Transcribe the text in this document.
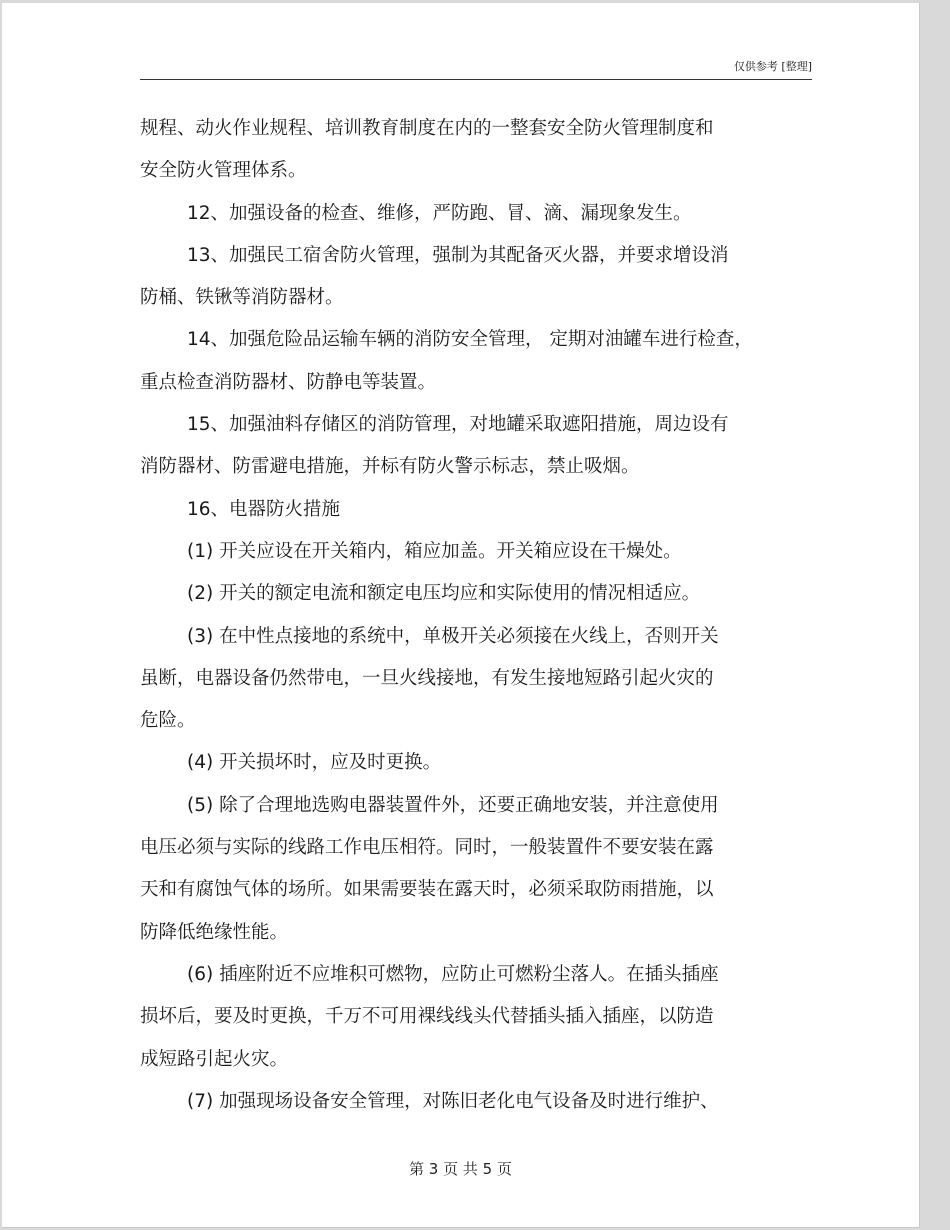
仅供参考 [整理]

规程、动火作业规程、培训教育制度在内的一整套安全防火管理制度和

安全防火管理体系。

12、加强设备的检查、维修，严防跑、冒、滴、漏现象发生。

13、加强民工宿舍防火管理，强制为其配备灭火器，并要求增设消

防桶、铁锹等消防器材。

14、加强危险品运输车辆的消防安全管理， 定期对油罐车进行检查，

重点检查消防器材、防静电等装置。

15、加强油料存储区的消防管理，对地罐采取遮阳措施，周边设有

消防器材、防雷避电措施，并标有防火警示标志，禁止吸烟。

16、电器防火措施

(1) 开关应设在开关箱内，箱应加盖。开关箱应设在干燥处。

(2) 开关的额定电流和额定电压均应和实际使用的情况相适应。

(3) 在中性点接地的系统中，单极开关必须接在火线上，否则开关

虽断，电器设备仍然带电，一旦火线接地，有发生接地短路引起火灾的

危险。

(4) 开关损坏时，应及时更换。

(5) 除了合理地选购电器装置件外，还要正确地安装，并注意使用

电压必须与实际的线路工作电压相符。同时，一般装置件不要安装在露

天和有腐蚀气体的场所。如果需要装在露天时，必须采取防雨措施，以

防降低绝缘性能。

(6) 插座附近不应堆积可燃物，应防止可燃粉尘落人。在插头插座

损坏后，要及时更换，千万不可用裸线线头代替插头插入插座，以防造

成短路引起火灾。

(7) 加强现场设备安全管理，对陈旧老化电气设备及时进行维护、

第 3 页 共 5 页
